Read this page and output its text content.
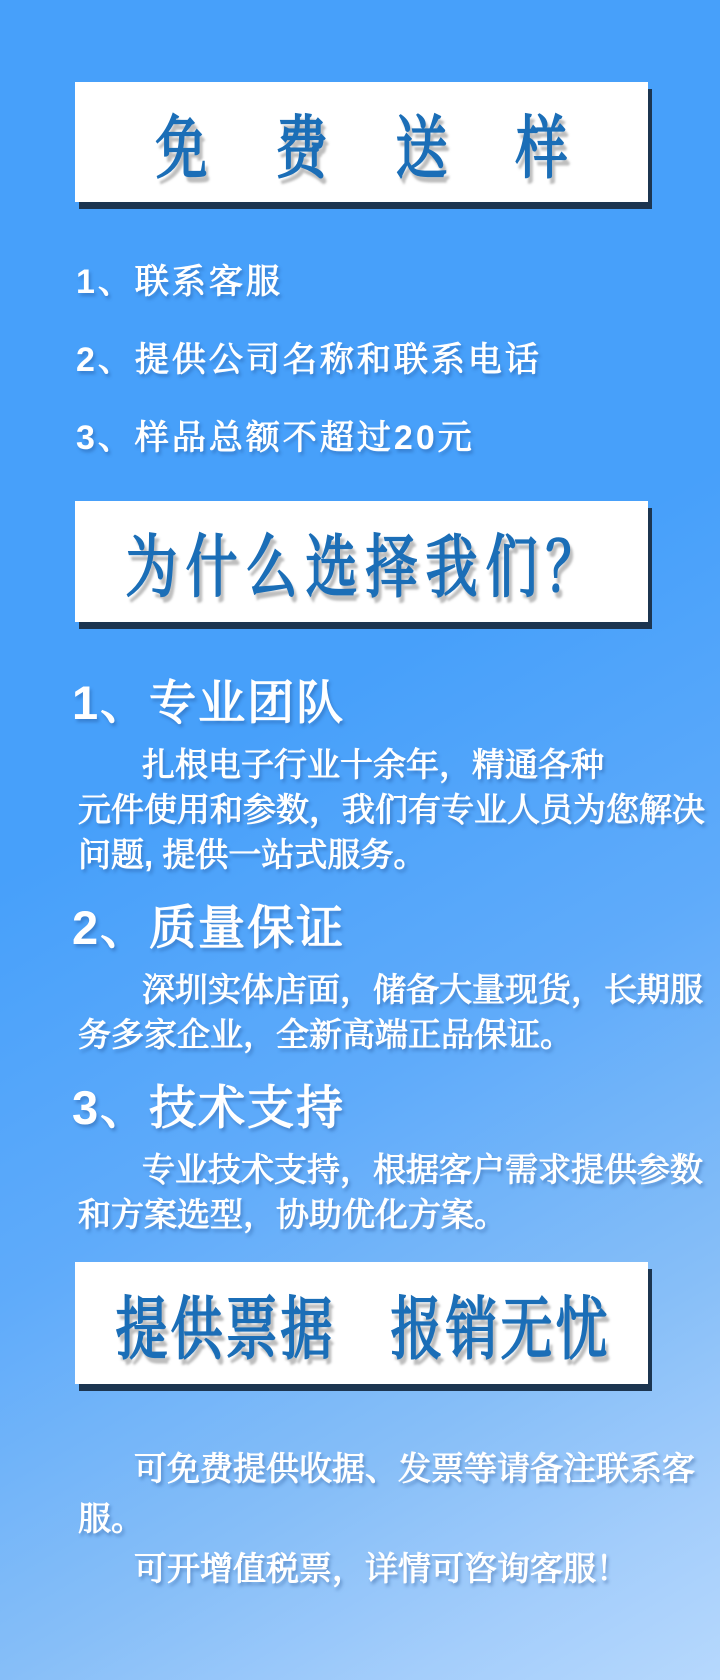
免费送样
1、联系客服
2、提供公司名称和联系电话
3、样品总额不超过20元
为什么选择我们？
1、专业团队
扎根电子行业十余年，精通各种
元件使用和参数，我们有专业人员为您解决
问题, 提供一站式服务。
2、质量保证
深圳实体店面，储备大量现货，长期服
务多家企业，全新高端正品保证。
3、技术支持
专业技术支持，根据客户需求提供参数
和方案选型，协助优化方案。
提供票据　报销无忧
可免费提供收据、发票等请备注联系客
服。
可开增值税票，详情可咨询客服！
